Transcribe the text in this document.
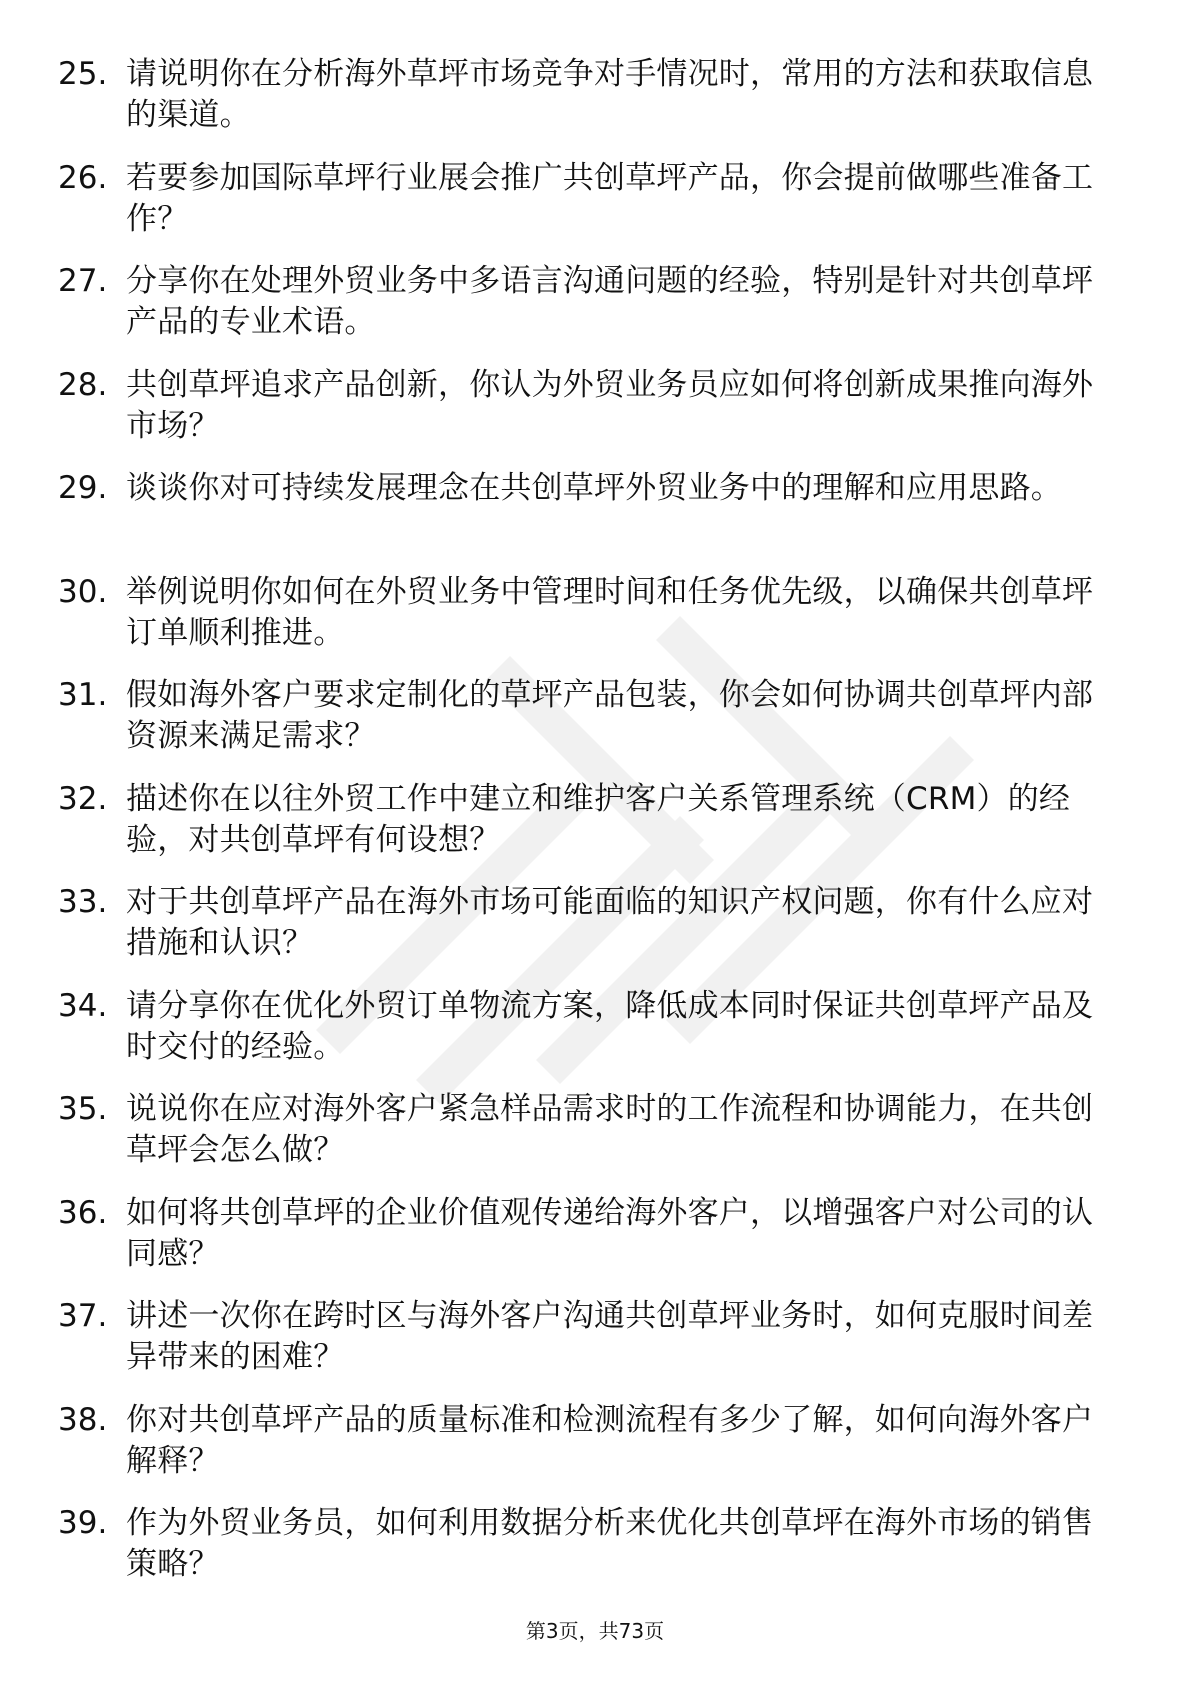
25. 请说明你在分析海外草坪市场竞争对手情况时，常用的方法和获取信息的渠道。
26. 若要参加国际草坪行业展会推广共创草坪产品，你会提前做哪些准备工作？
27. 分享你在处理外贸业务中多语言沟通问题的经验，特别是针对共创草坪产品的专业术语。
28. 共创草坪追求产品创新，你认为外贸业务员应如何将创新成果推向海外市场？
29. 谈谈你对可持续发展理念在共创草坪外贸业务中的理解和应用思路。
30. 举例说明你如何在外贸业务中管理时间和任务优先级，以确保共创草坪订单顺利推进。
31. 假如海外客户要求定制化的草坪产品包装，你会如何协调共创草坪内部资源来满足需求？
32. 描述你在以往外贸工作中建立和维护客户关系管理系统（CRM）的经验，对共创草坪有何设想？
33. 对于共创草坪产品在海外市场可能面临的知识产权问题，你有什么应对措施和认识？
34. 请分享你在优化外贸订单物流方案，降低成本同时保证共创草坪产品及时交付的经验。
35. 说说你在应对海外客户紧急样品需求时的工作流程和协调能力，在共创草坪会怎么做？
36. 如何将共创草坪的企业价值观传递给海外客户，以增强客户对公司的认同感？
37. 讲述一次你在跨时区与海外客户沟通共创草坪业务时，如何克服时间差异带来的困难？
38. 你对共创草坪产品的质量标准和检测流程有多少了解，如何向海外客户解释？
39. 作为外贸业务员，如何利用数据分析来优化共创草坪在海外市场的销售策略？
第3页，共73页
